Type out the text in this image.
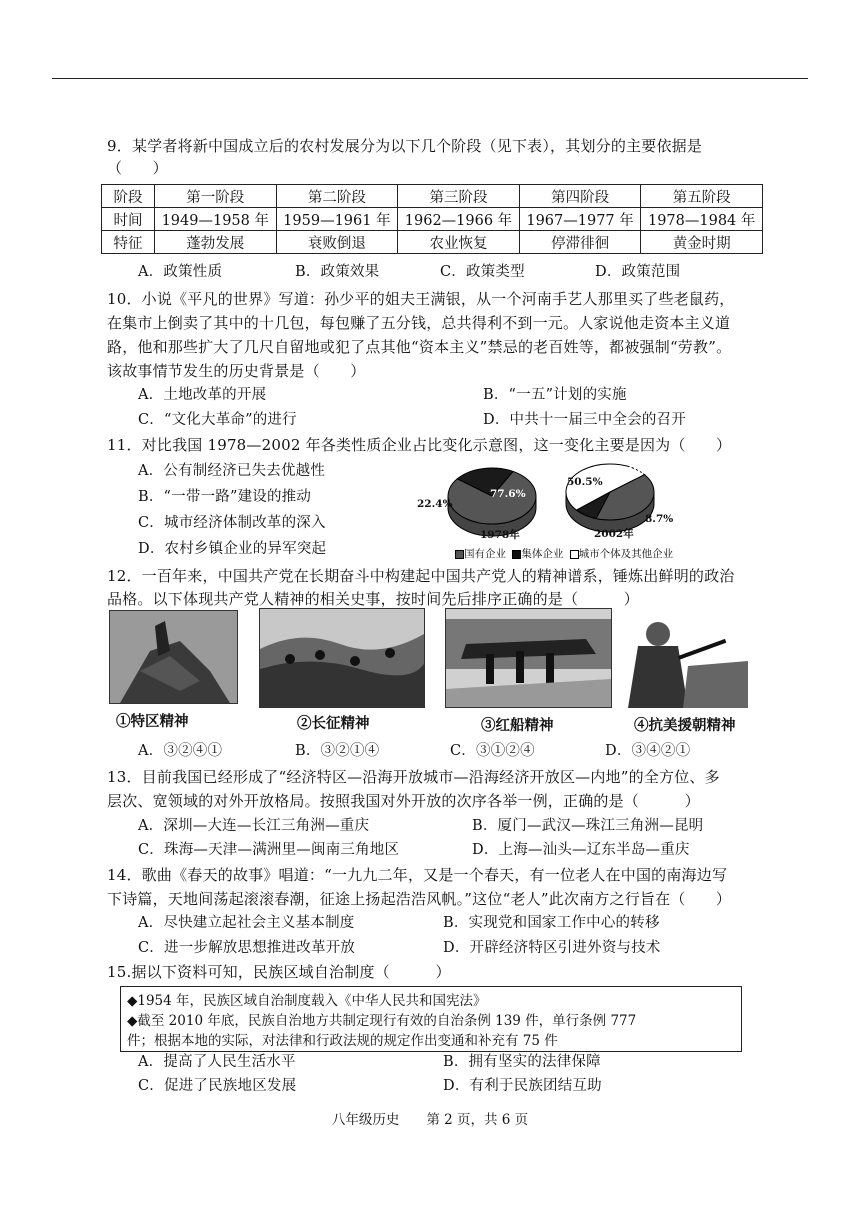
9．某学者将新中国成立后的农村发展分为以下几个阶段（见下表），其划分的主要依据是
（　　）
阶段	第一阶段	第二阶段	第三阶段	第四阶段	第五阶段
时间	1949—1958 年	1959—1961 年	1962—1966 年	1967—1977 年	1978—1984 年
特征	蓬勃发展	衰败倒退	农业恢复	停滞徘徊	黄金时期
A．政策性质	B．政策效果	C．政策类型	D．政策范围
10．小说《平凡的世界》写道：孙少平的姐夫王满银，从一个河南手艺人那里买了些老鼠药，
在集市上倒卖了其中的十几包，每包赚了五分钱，总共得利不到一元。人家说他走资本主义道
路，他和那些扩大了几尺自留地或犯了点其他“资本主义”禁忌的老百姓等，都被强制“劳教”。
该故事情节发生的历史背景是（　　）
A．土地改革的开展	B．“一五”计划的实施
C．“文化大革命”的进行	D．中共十一届三中全会的召开
11．对比我国 1978—2002 年各类性质企业占比变化示意图，这一变化主要是因为（　　）
A．公有制经济已失去优越性
B．“一带一路”建设的推动
C．城市经济体制改革的深入
D．农村乡镇企业的异军突起
22.4%
77.6%
1978年
50.5%
40.8%
8.7%
2002年
国有企业 集体企业 城市个体及其他企业
12．一百年来，中国共产党在长期奋斗中构建起中国共产党人的精神谱系，锤炼出鲜明的政治
品格。以下体现共产党人精神的相关史事，按时间先后排序正确的是（　　　）
①特区精神	②长征精神	③红船精神	④抗美援朝精神
A．③②④①	B．③②①④	C．③①②④	D．③④②①
13．目前我国已经形成了“经济特区—沿海开放城市—沿海经济开放区—内地”的全方位、多
层次、宽领域的对外开放格局。按照我国对外开放的次序各举一例，正确的是（　　　）
A．深圳—大连—长江三角洲—重庆	B．厦门—武汉—珠江三角洲—昆明
C．珠海—天津—满洲里—闽南三角地区	D．上海—汕头—辽东半岛—重庆
14．歌曲《春天的故事》唱道：“一九九二年，又是一个春天，有一位老人在中国的南海边写
下诗篇，天地间荡起滚滚春潮，征途上扬起浩浩风帆。”这位“老人”此次南方之行旨在（　　）
A．尽快建立起社会主义基本制度	B．实现党和国家工作中心的转移
C．进一步解放思想推进改革开放	D．开辟经济特区引进外资与技术
15.据以下资料可知，民族区域自治制度（　　　）
◆1954 年，民族区域自治制度载入《中华人民共和国宪法》
◆截至 2010 年底，民族自治地方共制定现行有效的自治条例 139 件，单行条例 777
件；根据本地的实际，对法律和行政法规的规定作出变通和补充有 75 件
A．提高了人民生活水平	B．拥有坚实的法律保障
C．促进了民族地区发展	D．有利于民族团结互助
八年级历史　　第 2 页，共 6 页
